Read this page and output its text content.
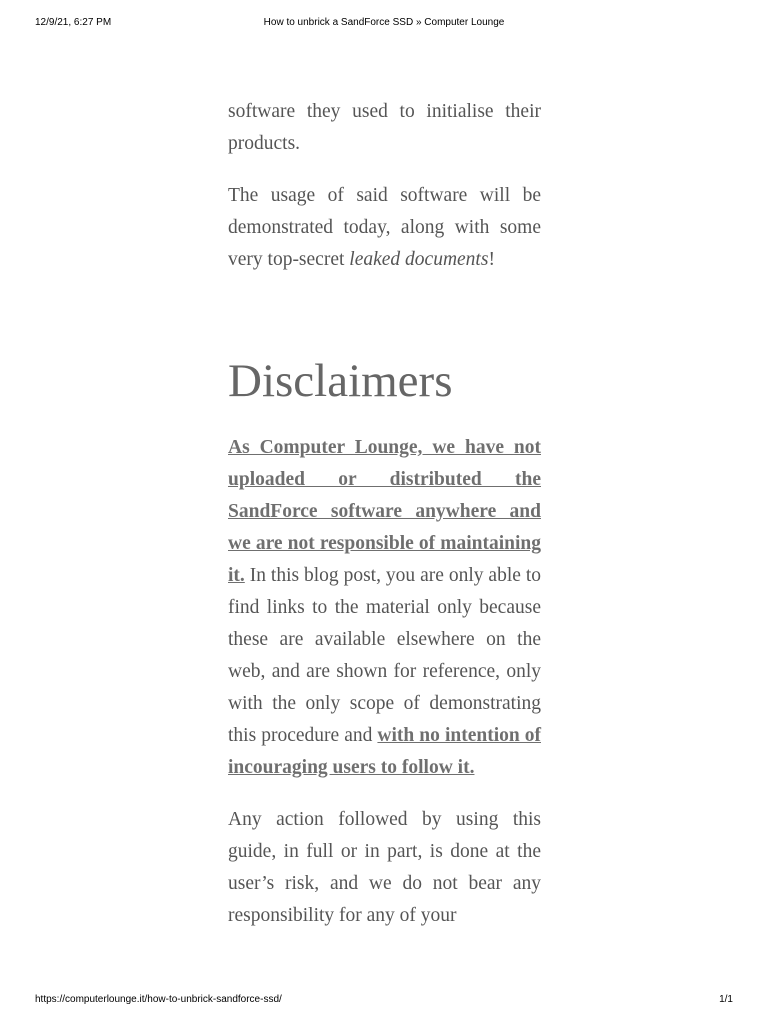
12/9/21, 6:27 PM	How to unbrick a SandForce SSD » Computer Lounge

software they used to initialise their products.

The usage of said software will be demonstrated today, along with some very top-secret leaked documents!

Disclaimers

As Computer Lounge, we have not uploaded or distributed the SandForce software anywhere and we are not responsible of maintaining it. In this blog post, you are only able to find links to the material only because these are available elsewhere on the web, and are shown for reference, only with the only scope of demonstrating this procedure and with no intention of incouraging users to follow it.

Any action followed by using this guide, in full or in part, is done at the user’s risk, and we do not bear any responsibility for any of your

https://computerlounge.it/how-to-unbrick-sandforce-ssd/	1/1
